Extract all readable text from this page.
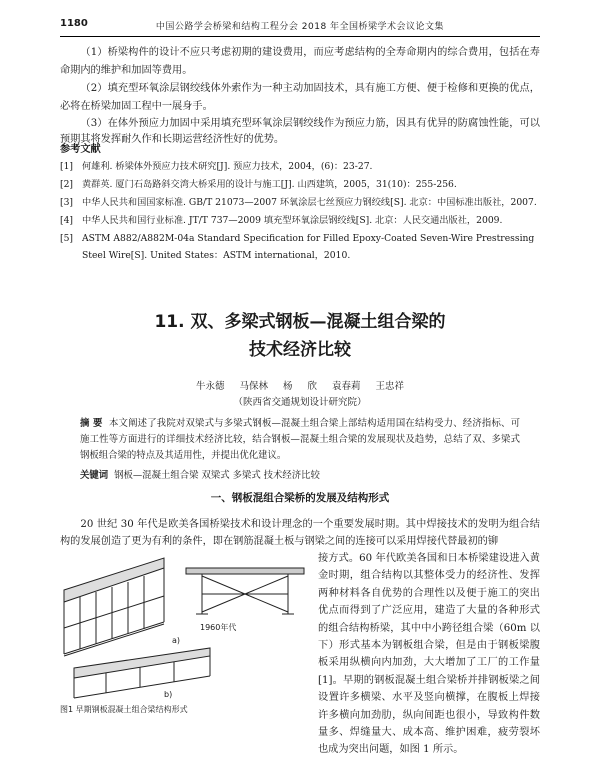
1180	中国公路学会桥梁和结构工程分会 2018 年全国桥梁学术会议论文集
（1）桥梁构件的设计不应只考虑初期的建设费用，而应考虑结构的全寿命期内的综合费用，包括在寿命期内的维护和加固等费用。
（2）填充型环氧涂层钢绞线体外索作为一种主动加固技术，具有施工方便、便于检修和更换的优点，必将在桥梁加固工程中一展身手。
（3）在体外预应力加固中采用填充型环氧涂层钢绞线作为预应力筋，因具有优异的防腐蚀性能，可以预期其将发挥耐久作和长期运营经济性好的优势。
参考文献
[1] 何雄利. 桥梁体外预应力技术研究[J]. 预应力技术，2004，(6)：23-27.
[2] 黄群英. 厦门石岛路斜交湾大桥采用的设计与施工[J]. 山西建筑，2005，31(10)：255-256.
[3] 中华人民共和国国家标准. GB/T 21073—2007 环氧涂层七丝预应力钢绞线[S]. 北京：中国标准出版社，2007.
[4] 中华人民共和国行业标准. JT/T 737—2009 填充型环氧涂层钢绞线[S]. 北京：人民交通出版社，2009.
[5] ASTM A882/A882M-04a Standard Specification for Filled Epoxy-Coated Seven-Wire Prestressing Steel Wire[S]. United States：ASTM international，2010.
11. 双、多梁式钢板—混凝土组合梁的
技术经济比较
牛永德 马保林 杨 欣 袁春莉 王忠祥
（陕西省交通规划设计研究院）
摘 要 本文阐述了我院对双梁式与多梁式钢板—混凝土组合梁上部结构适用国在结构受力、经济指标、可施工性等方面进行的详细技术经济比较，结合钢板—混凝土组合梁的发展现状及趋势，总结了双、多梁式钢板组合梁的特点及其适用性，并提出优化建议。
关键词 钢板—混凝土组合梁 双梁式 多梁式 技术经济比较
一、钢板混组合梁桥的发展及结构形式
20 世纪 30 年代是欧美各国桥梁技术和设计理念的一个重要发展时期。其中焊接技术的发明为组合结构的发展创造了更为有利的条件，即在钢筋混凝土板与钢梁之间的连接可以采用焊接代替最初的铆
1960年代
a)
b)
图1 早期钢板混凝土组合梁结构形式
接方式。60 年代欧美各国和日本桥梁建设进入黄金时期，组合结构以其整体受力的经济性、发挥两种材料各自优势的合理性以及便于施工的突出优点而得到了广泛应用，建造了大量的各种形式的组合结构桥梁，其中中小跨径组合梁（60m 以下）形式基本为钢板组合梁，但是由于钢板梁腹板采用纵横向内加劲，大大增加了工厂的工作量[1]。早期的钢板混凝土组合梁桥并排钢板梁之间设置许多横梁、水平及竖向横撑，在腹板上焊接许多横向加劲肋，纵向间距也很小，导致构件数量多、焊缝量大、成本高、维护困难，疲劳裂坏也成为突出问题，如图 1 所示。
